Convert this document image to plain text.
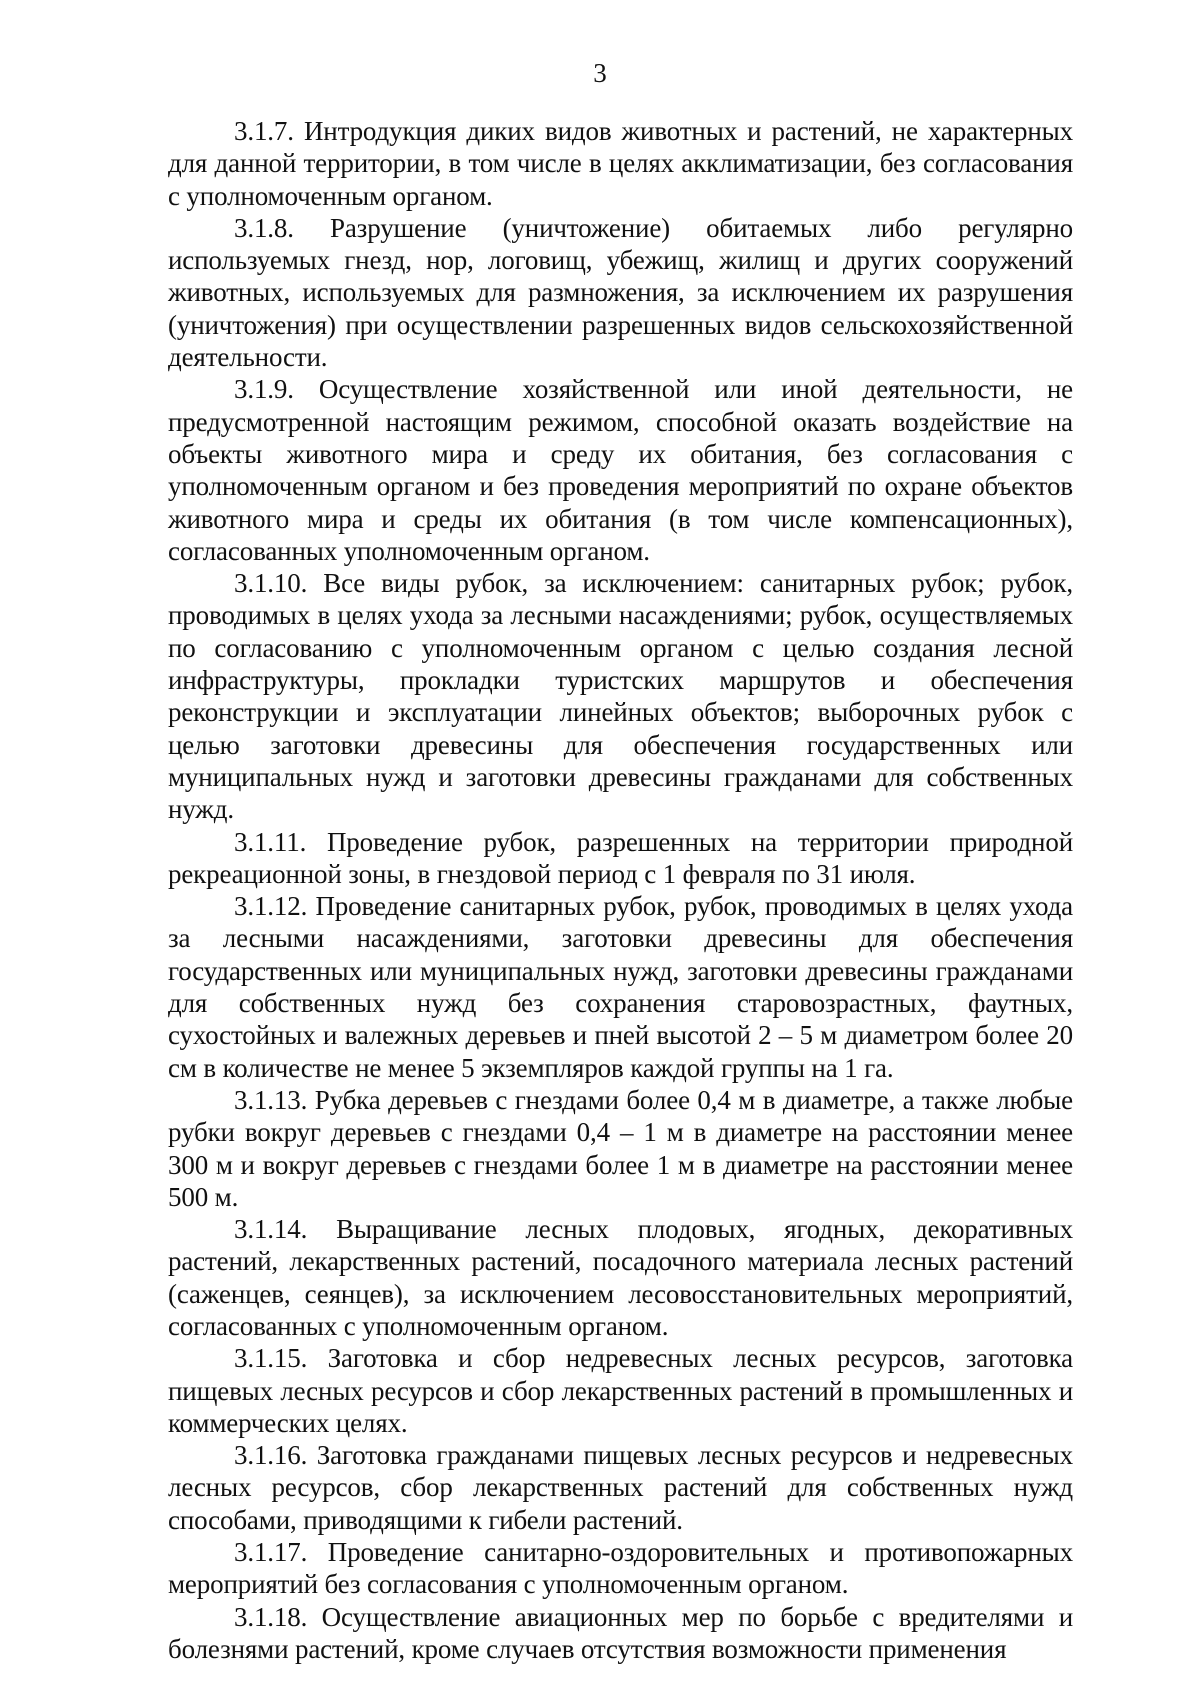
3

3.1.7. Интродукция диких видов животных и растений, не характерных для данной территории, в том числе в целях акклиматизации, без согласования с уполномоченным органом.

3.1.8. Разрушение (уничтожение) обитаемых либо регулярно используемых гнезд, нор, логовищ, убежищ, жилищ и других сооружений животных, используемых для размножения, за исключением их разрушения (уничтожения) при осуществлении разрешенных видов сельскохозяйственной деятельности.

3.1.9. Осуществление хозяйственной или иной деятельности, не предусмотренной настоящим режимом, способной оказать воздействие на объекты животного мира и среду их обитания, без согласования с уполномоченным органом и без проведения мероприятий по охране объектов животного мира и среды их обитания (в том числе компенсационных), согласованных уполномоченным органом.

3.1.10. Все виды рубок, за исключением: санитарных рубок; рубок, проводимых в целях ухода за лесными насаждениями; рубок, осуществляемых по согласованию с уполномоченным органом с целью создания лесной инфраструктуры, прокладки туристских маршрутов и обеспечения реконструкции и эксплуатации линейных объектов; выборочных рубок с целью заготовки древесины для обеспечения государственных или муниципальных нужд и заготовки древесины гражданами для собственных нужд.

3.1.11. Проведение рубок, разрешенных на территории природной рекреационной зоны, в гнездовой период с 1 февраля по 31 июля.

3.1.12. Проведение санитарных рубок, рубок, проводимых в целях ухода за лесными насаждениями, заготовки древесины для обеспечения государственных или муниципальных нужд, заготовки древесины гражданами для собственных нужд без сохранения старовозрастных, фаутных, сухостойных и валежных деревьев и пней высотой 2 – 5 м диаметром более 20 см в количестве не менее 5 экземпляров каждой группы на 1 га.

3.1.13. Рубка деревьев с гнездами более 0,4 м в диаметре, а также любые рубки вокруг деревьев с гнездами 0,4 – 1 м в диаметре на расстоянии менее 300 м и вокруг деревьев с гнездами более 1 м в диаметре на расстоянии менее 500 м.

3.1.14. Выращивание лесных плодовых, ягодных, декоративных растений, лекарственных растений, посадочного материала лесных растений (саженцев, сеянцев), за исключением лесовосстановительных мероприятий, согласованных с уполномоченным органом.

3.1.15. Заготовка и сбор недревесных лесных ресурсов, заготовка пищевых лесных ресурсов и сбор лекарственных растений в промышленных и коммерческих целях.

3.1.16. Заготовка гражданами пищевых лесных ресурсов и недревесных лесных ресурсов, сбор лекарственных растений для собственных нужд способами, приводящими к гибели растений.

3.1.17. Проведение санитарно-оздоровительных и противопожарных мероприятий без согласования с уполномоченным органом.

3.1.18. Осуществление авиационных мер по борьбе с вредителями и болезнями растений, кроме случаев отсутствия возможности применения
